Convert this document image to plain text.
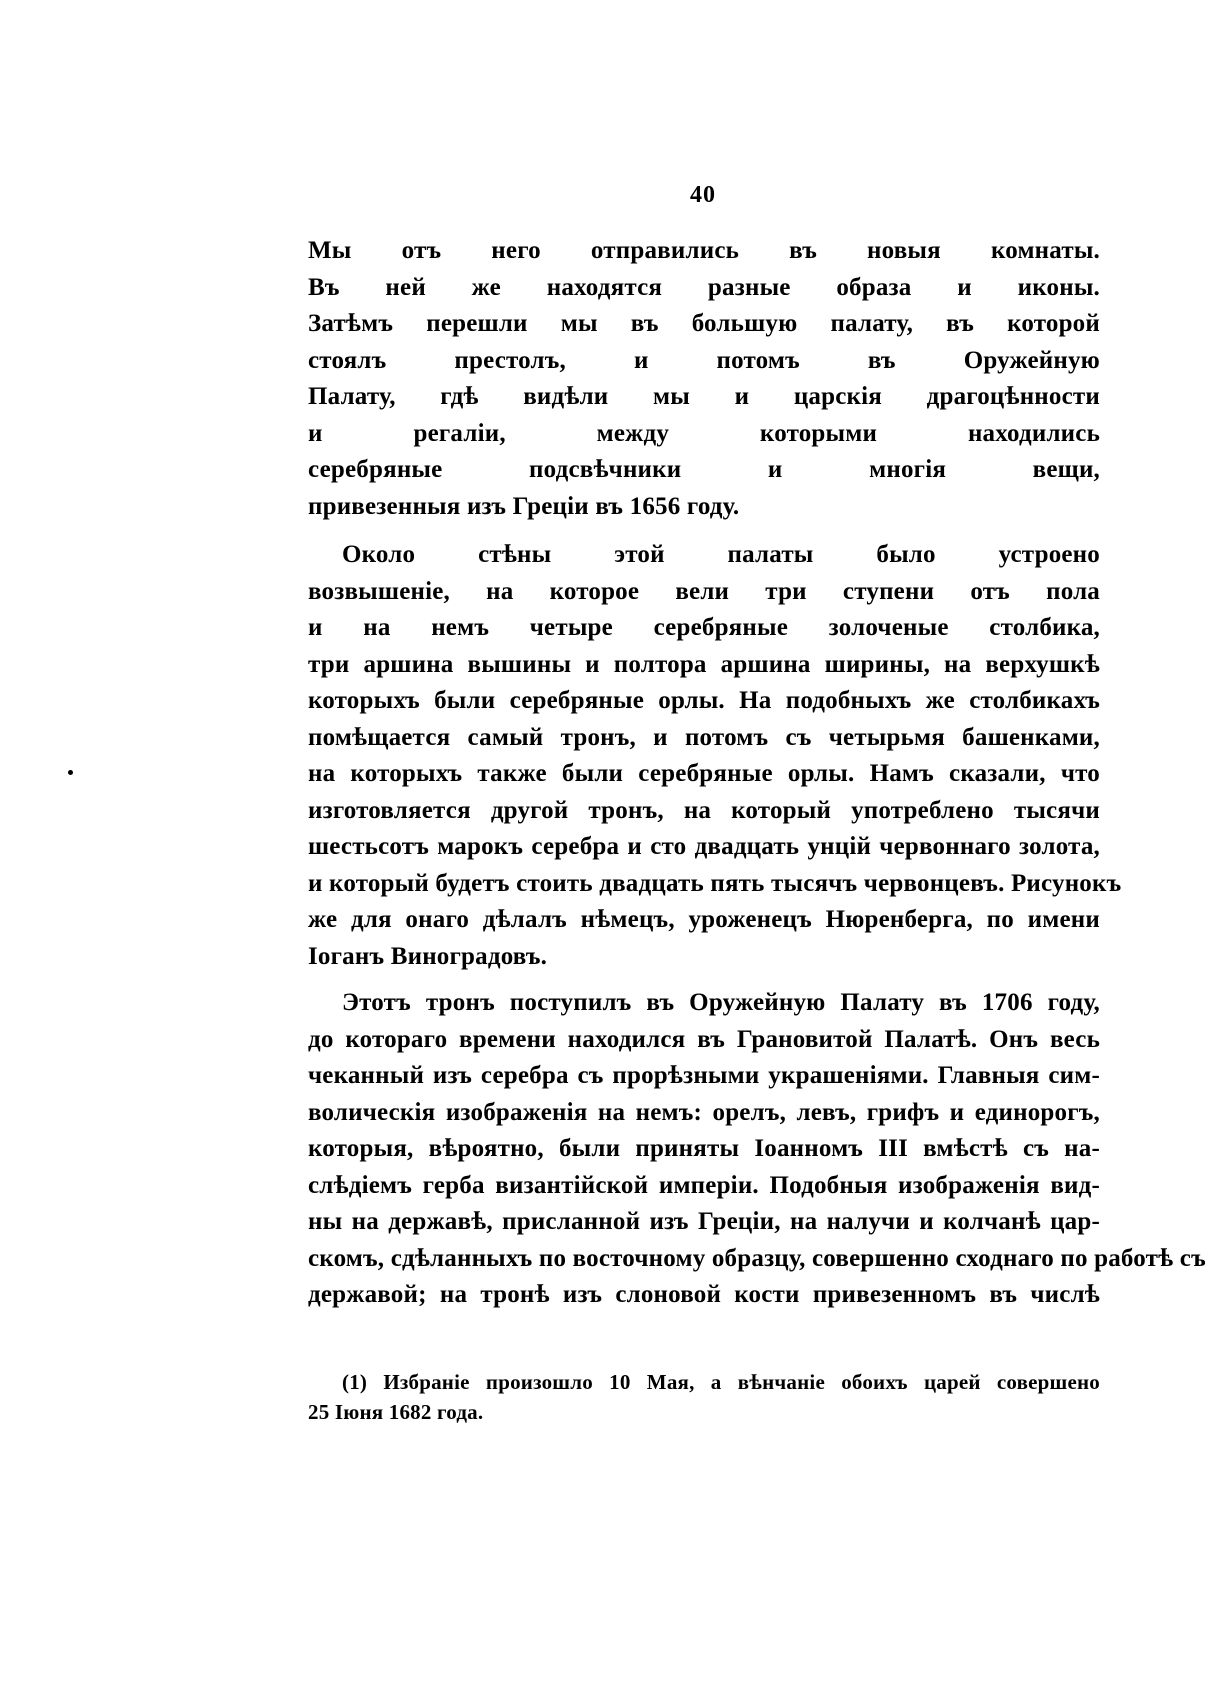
40
Мы отъ него отправились въ новыя комнаты.
Въ ней же находятся разные образа и иконы.
Затѣмъ перешли мы въ большую палату, въ которой
стоялъ престолъ, и потомъ въ Оружейную
Палату, гдѣ видѣли мы и царскія драгоцѣнности
и регаліи, между которыми находились
серебряные подсвѣчники и многія вещи,
привезенныя изъ Греціи въ 1656 году.
Около стѣны этой палаты было устроено
возвышеніе, на которое вели три ступени отъ пола
и на немъ четыре серебряные золоченые столбика,
три аршина вышины и полтора аршина ширины, на верхушкѣ
которыхъ были серебряные орлы. На подобныхъ же столбикахъ
помѣщается самый тронъ, и потомъ съ четырьмя башенками,
на которыхъ также были серебряные орлы. Намъ сказали, что
изготовляется другой тронъ, на который употреблено тысячи
шестьсотъ марокъ серебра и сто двадцать унцій червоннаго золота,
и который будетъ стоить двадцать пять тысячъ червонцевъ. Рисунокъ
же для онаго дѣлалъ нѣмецъ, уроженецъ Нюренберга, по имени
Іоганъ Виноградовъ.
Этотъ тронъ поступилъ въ Оружейную Палату въ 1706 году,
до котораго времени находился въ Грановитой Палатѣ. Онъ весь
чеканный изъ серебра съ прорѣзными украшеніями. Главныя сим-
волическія изображенія на немъ: орелъ, левъ, грифъ и единорогъ,
которыя, вѣроятно, были приняты Іоанномъ III вмѣстѣ съ на-
слѣдіемъ герба византійской имперіи. Подобныя изображенія вид-
ны на державѣ, присланной изъ Греціи, на налучи и колчанѣ цар-
скомъ, сдѣланныхъ по восточному образцу, совершенно сходнаго по работѣ съ
державой; на тронѣ изъ слоновой кости привезенномъ въ числѣ
(1) Избраніе произошло 10 Мая, а вѣнчаніе обоихъ царей совершено
25 Іюня 1682 года.
